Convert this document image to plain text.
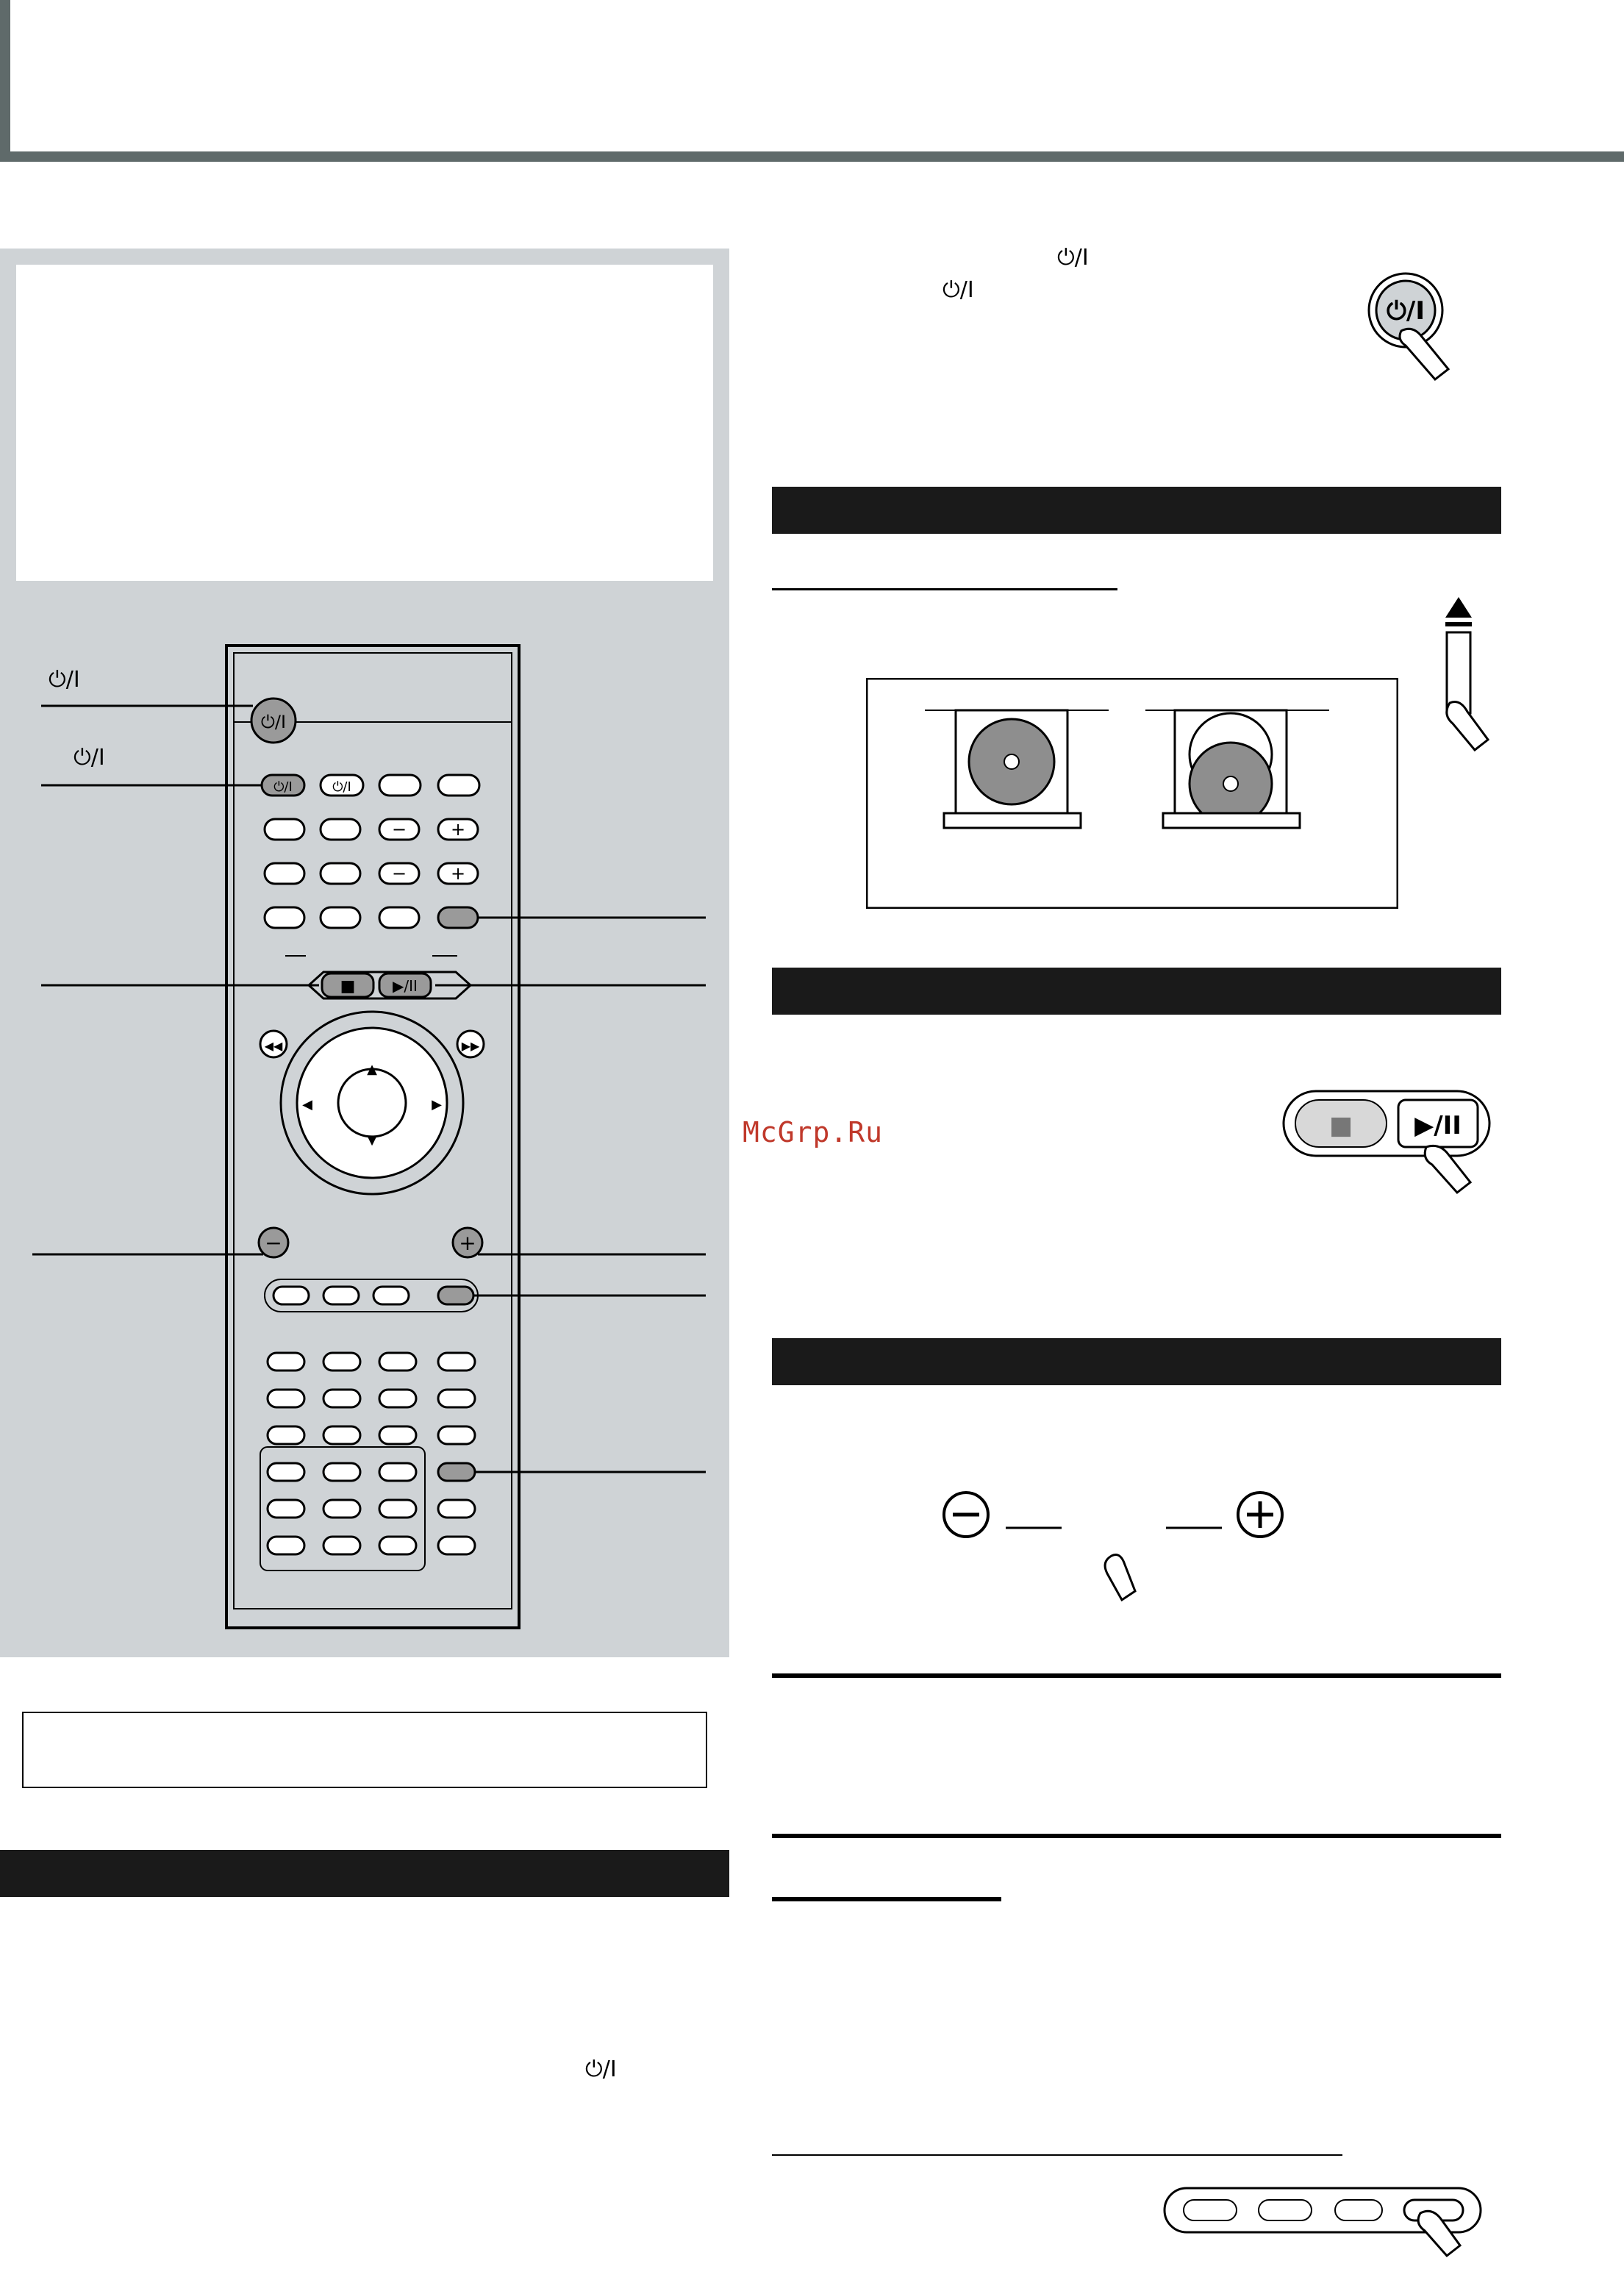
⏻/I
⏻/I
⏻/I
⏻/I	⏻/I
− +
− +
■	▶/II
◀◀	▶▶
▲
▼
◀	▶
−	+
⏻/I
⏻/I
⏻/I
⏻/I
McGrp.Ru	■ ▶/II
